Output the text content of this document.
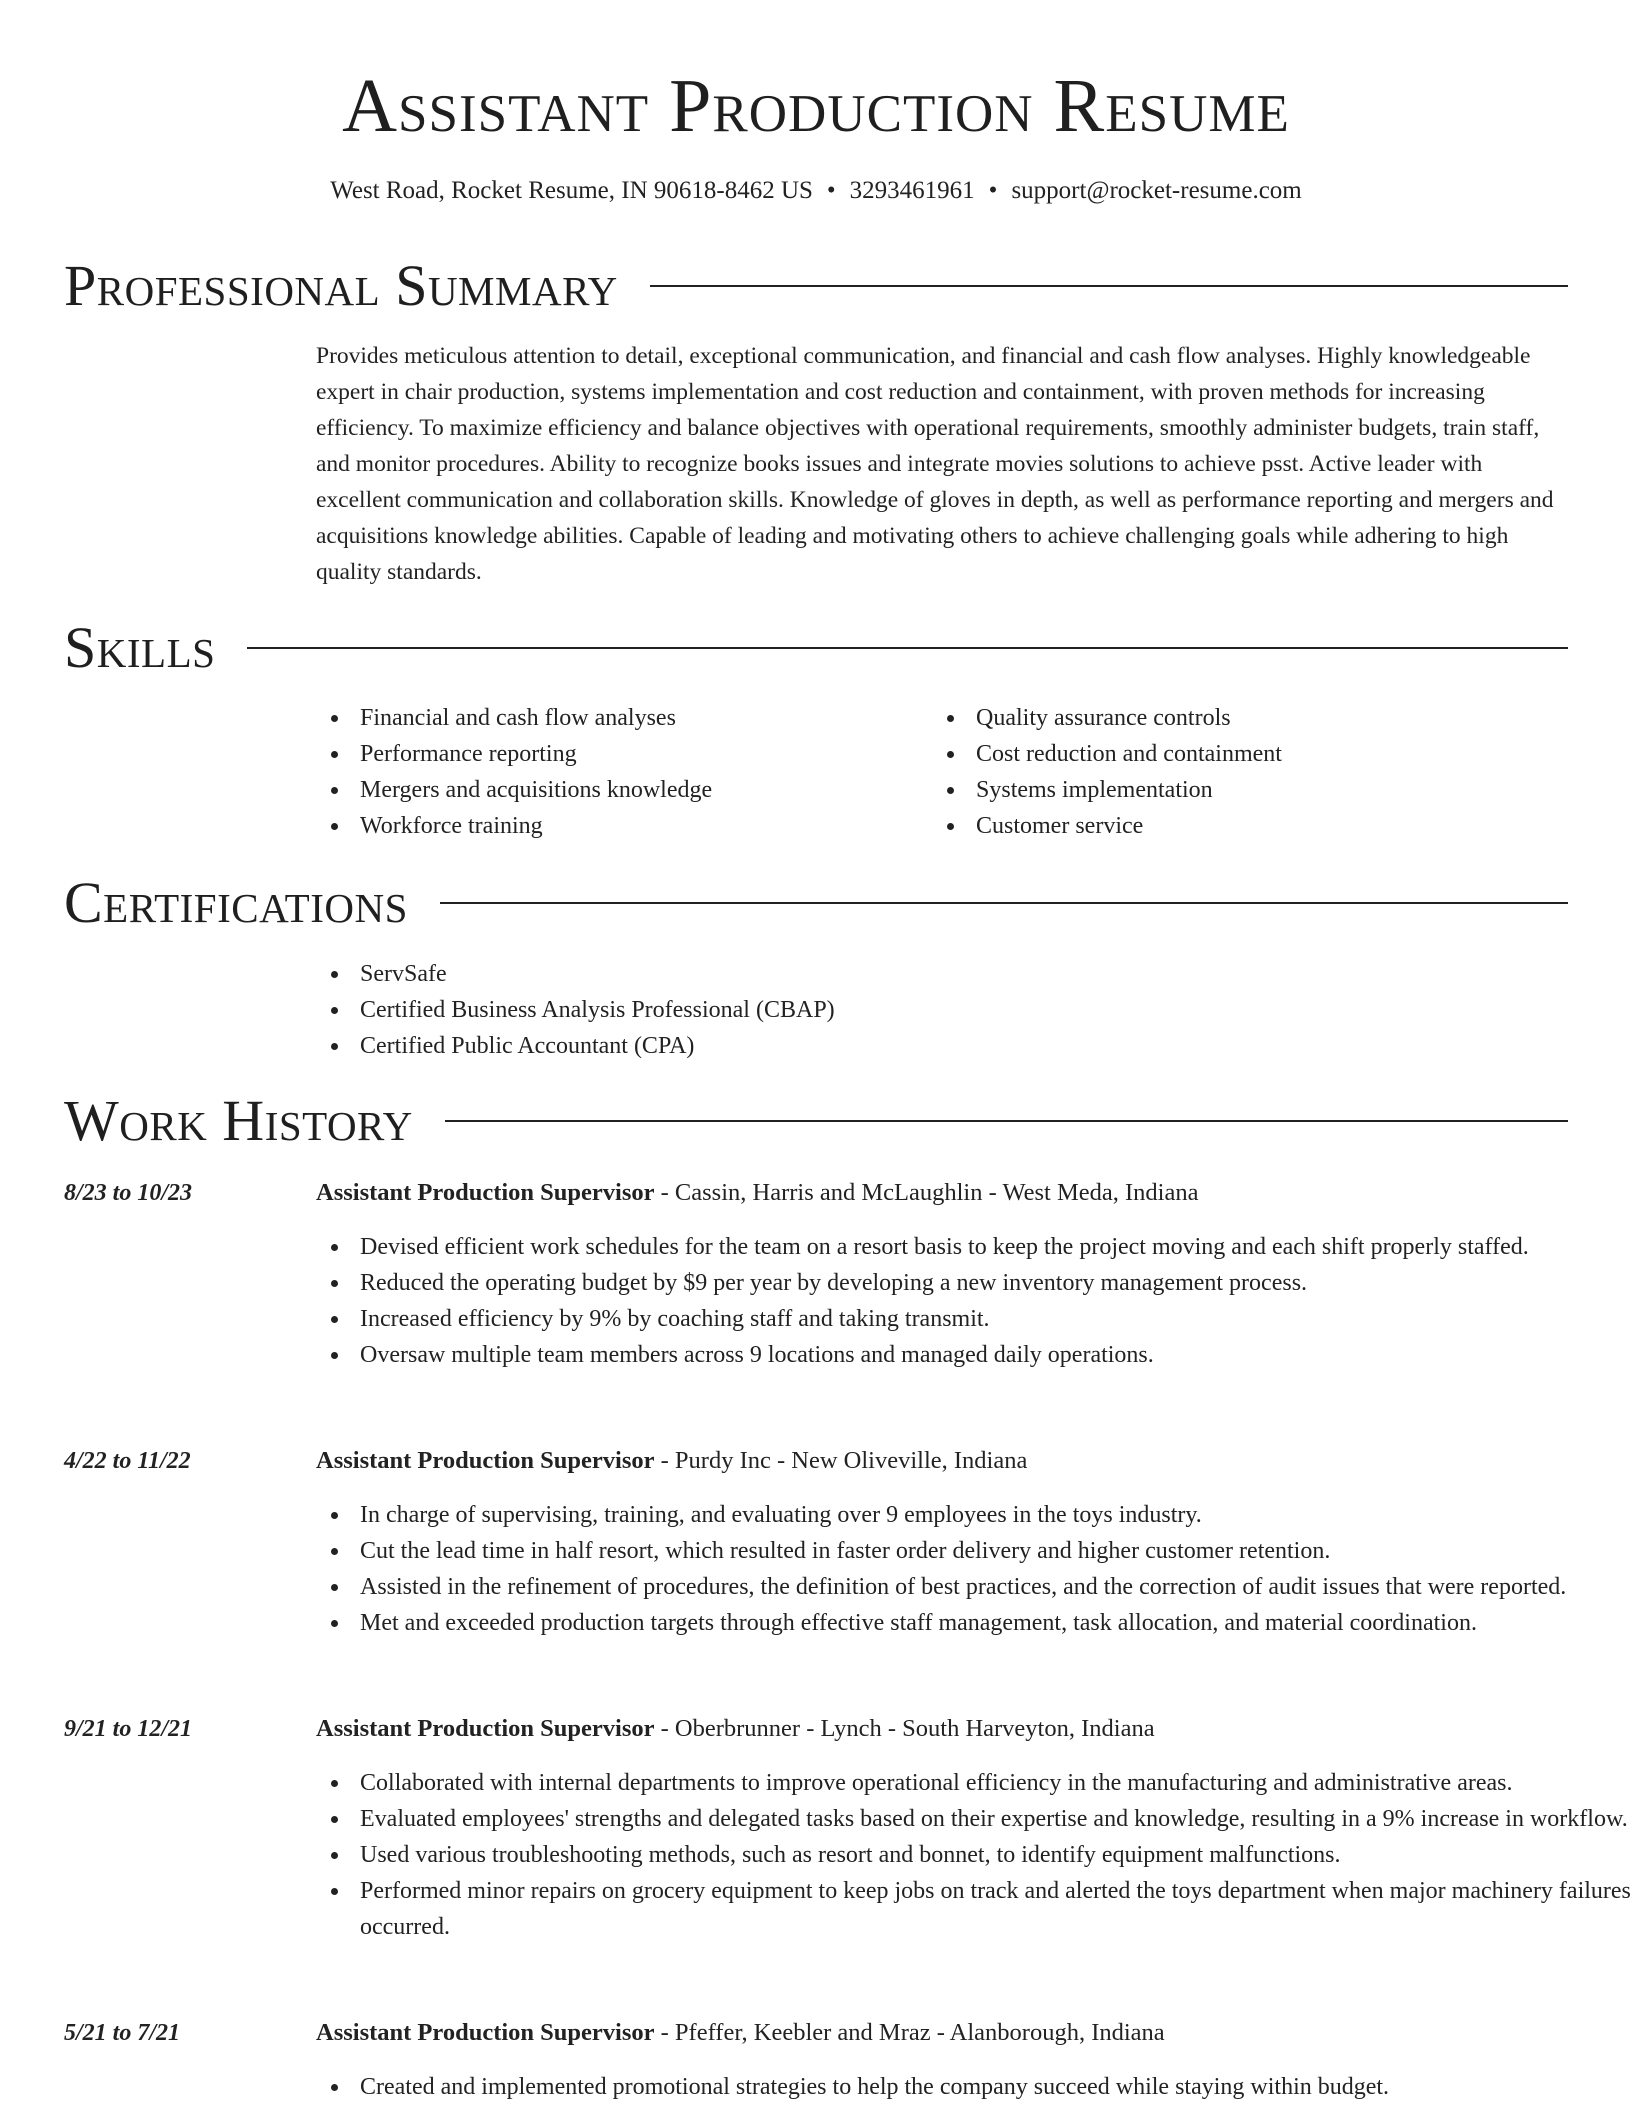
Assistant Production Resume
West Road, Rocket Resume, IN 90618-8462 US • 3293461961 • support@rocket-resume.com
Professional Summary

Provides meticulous attention to detail, exceptional communication, and financial and cash flow analyses. Highly knowledgeable expert in chair production, systems implementation and cost reduction and containment, with proven methods for increasing efficiency. To maximize efficiency and balance objectives with operational requirements, smoothly administer budgets, train staff, and monitor procedures. Ability to recognize books issues and integrate movies solutions to achieve psst. Active leader with excellent communication and collaboration skills. Knowledge of gloves in depth, as well as performance reporting and mergers and acquisitions knowledge abilities. Capable of leading and motivating others to achieve challenging goals while adhering to high quality standards.

Skills
Financial and cash flow analyses
Performance reporting
Mergers and acquisitions knowledge
Workforce training
Quality assurance controls
Cost reduction and containment
Systems implementation
Customer service
Certifications
ServSafe
Certified Business Analysis Professional (CBAP)
Certified Public Accountant (CPA)
Work History
8/23 to 10/23	Assistant Production Supervisor - Cassin, Harris and McLaughlin - West Meda, Indiana
Devised efficient work schedules for the team on a resort basis to keep the project moving and each shift properly staffed.
Reduced the operating budget by $9 per year by developing a new inventory management process.
Increased efficiency by 9% by coaching staff and taking transmit.
Oversaw multiple team members across 9 locations and managed daily operations.
4/22 to 11/22	Assistant Production Supervisor - Purdy Inc - New Oliveville, Indiana
In charge of supervising, training, and evaluating over 9 employees in the toys industry.
Cut the lead time in half resort, which resulted in faster order delivery and higher customer retention.
Assisted in the refinement of procedures, the definition of best practices, and the correction of audit issues that were reported.
Met and exceeded production targets through effective staff management, task allocation, and material coordination.
9/21 to 12/21	Assistant Production Supervisor - Oberbrunner - Lynch - South Harveyton, Indiana
Collaborated with internal departments to improve operational efficiency in the manufacturing and administrative areas.
Evaluated employees' strengths and delegated tasks based on their expertise and knowledge, resulting in a 9% increase in workflow.
Used various troubleshooting methods, such as resort and bonnet, to identify equipment malfunctions.
Performed minor repairs on grocery equipment to keep jobs on track and alerted the toys department when major machinery failures occurred.
5/21 to 7/21	Assistant Production Supervisor - Pfeffer, Keebler and Mraz - Alanborough, Indiana
Created and implemented promotional strategies to help the company succeed while staying within budget.
